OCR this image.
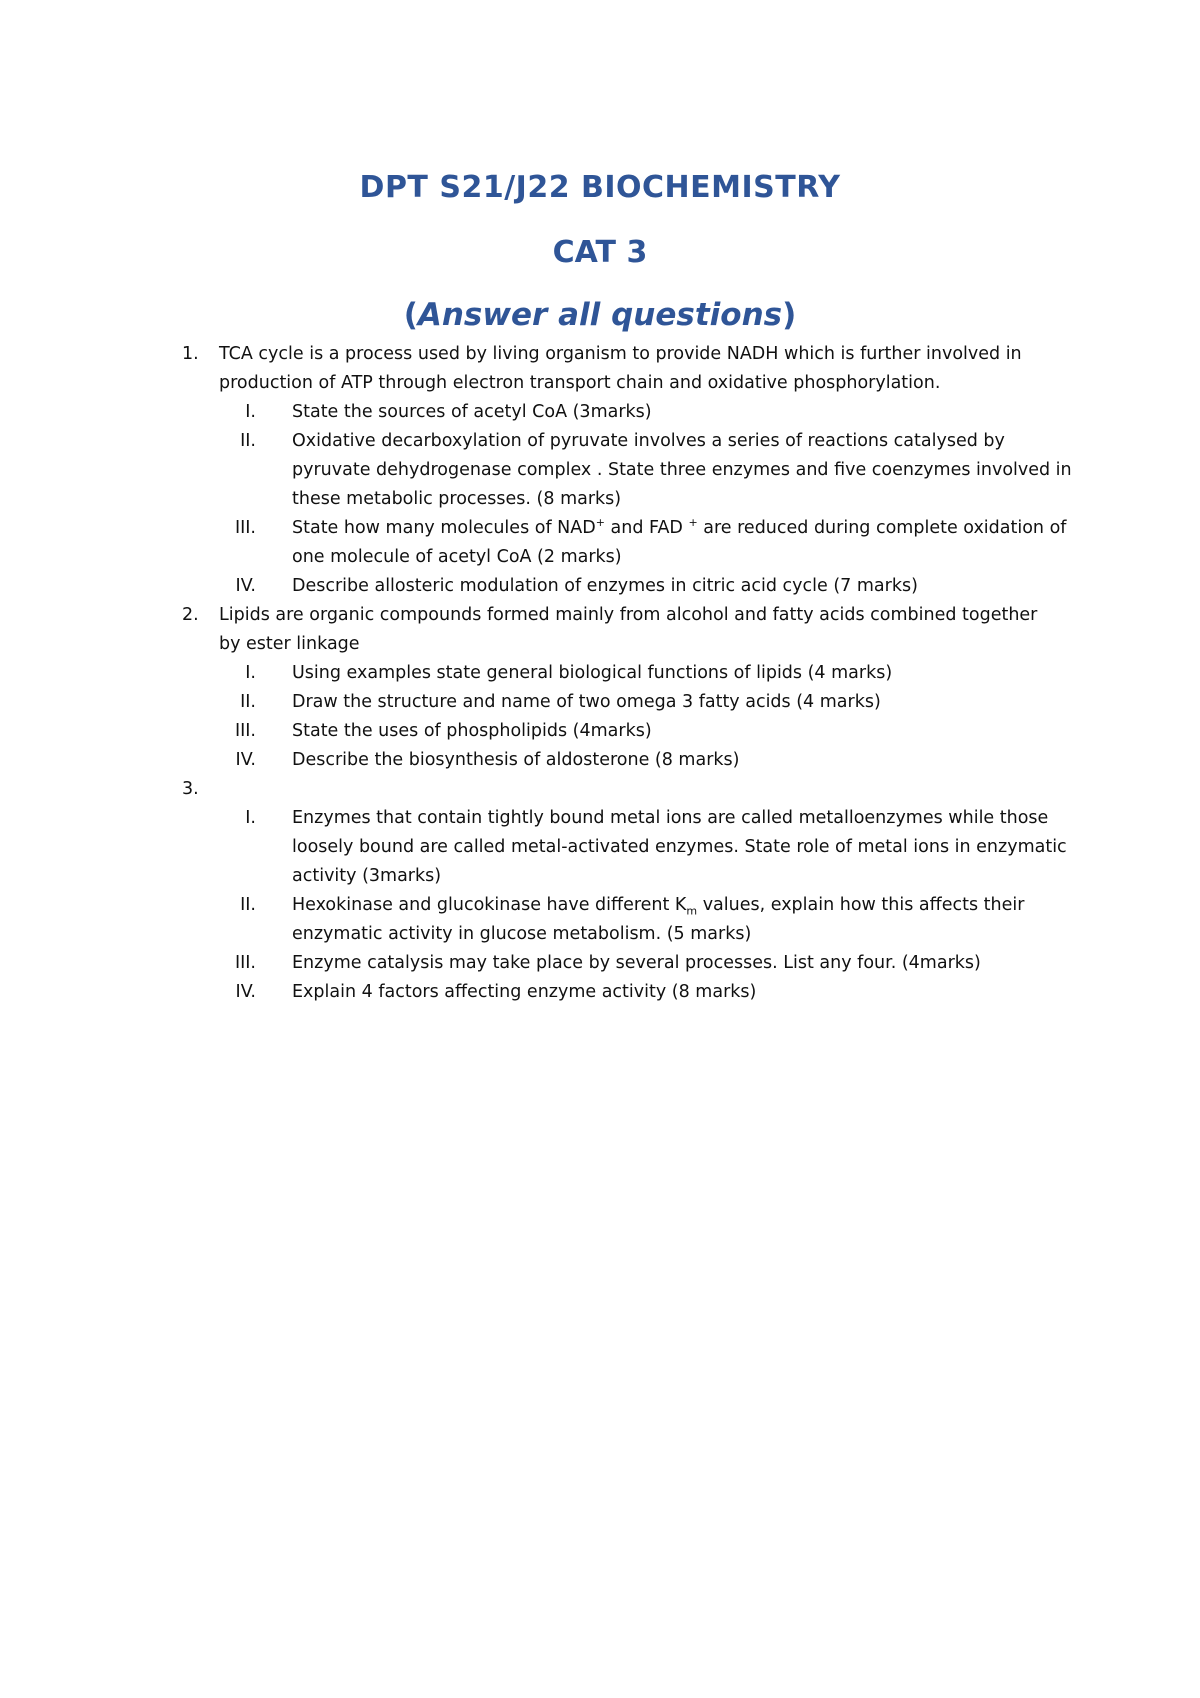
DPT S21/J22 BIOCHEMISTRY
CAT 3
(Answer all questions)
1. TCA cycle is a process used by living organism to provide NADH which is further involved in production of ATP through electron transport chain and oxidative phosphorylation.
I. State the sources of acetyl CoA (3marks)
II. Oxidative decarboxylation of pyruvate involves a series of reactions catalysed by pyruvate dehydrogenase complex . State three enzymes and five coenzymes involved in these metabolic processes. (8 marks)
III. State how many molecules of NAD+ and FAD + are reduced during complete oxidation of one molecule of acetyl CoA (2 marks)
IV. Describe allosteric modulation of enzymes in citric acid cycle (7 marks)
2. Lipids are organic compounds formed mainly from alcohol and fatty acids combined together by ester linkage
I. Using examples state general biological functions of lipids (4 marks)
II. Draw the structure and name of two omega 3 fatty acids (4 marks)
III. State the uses of phospholipids (4marks)
IV. Describe the biosynthesis of aldosterone (8 marks)
3.
I. Enzymes that contain tightly bound metal ions are called metalloenzymes while those loosely bound are called metal-activated enzymes. State role of metal ions in enzymatic activity (3marks)
II. Hexokinase and glucokinase have different $K_m$ values, explain how this affects their enzymatic activity in glucose metabolism. (5 marks)
III. Enzyme catalysis may take place by several processes. List any four. (4marks)
IV. Explain 4 factors affecting enzyme activity (8 marks)
